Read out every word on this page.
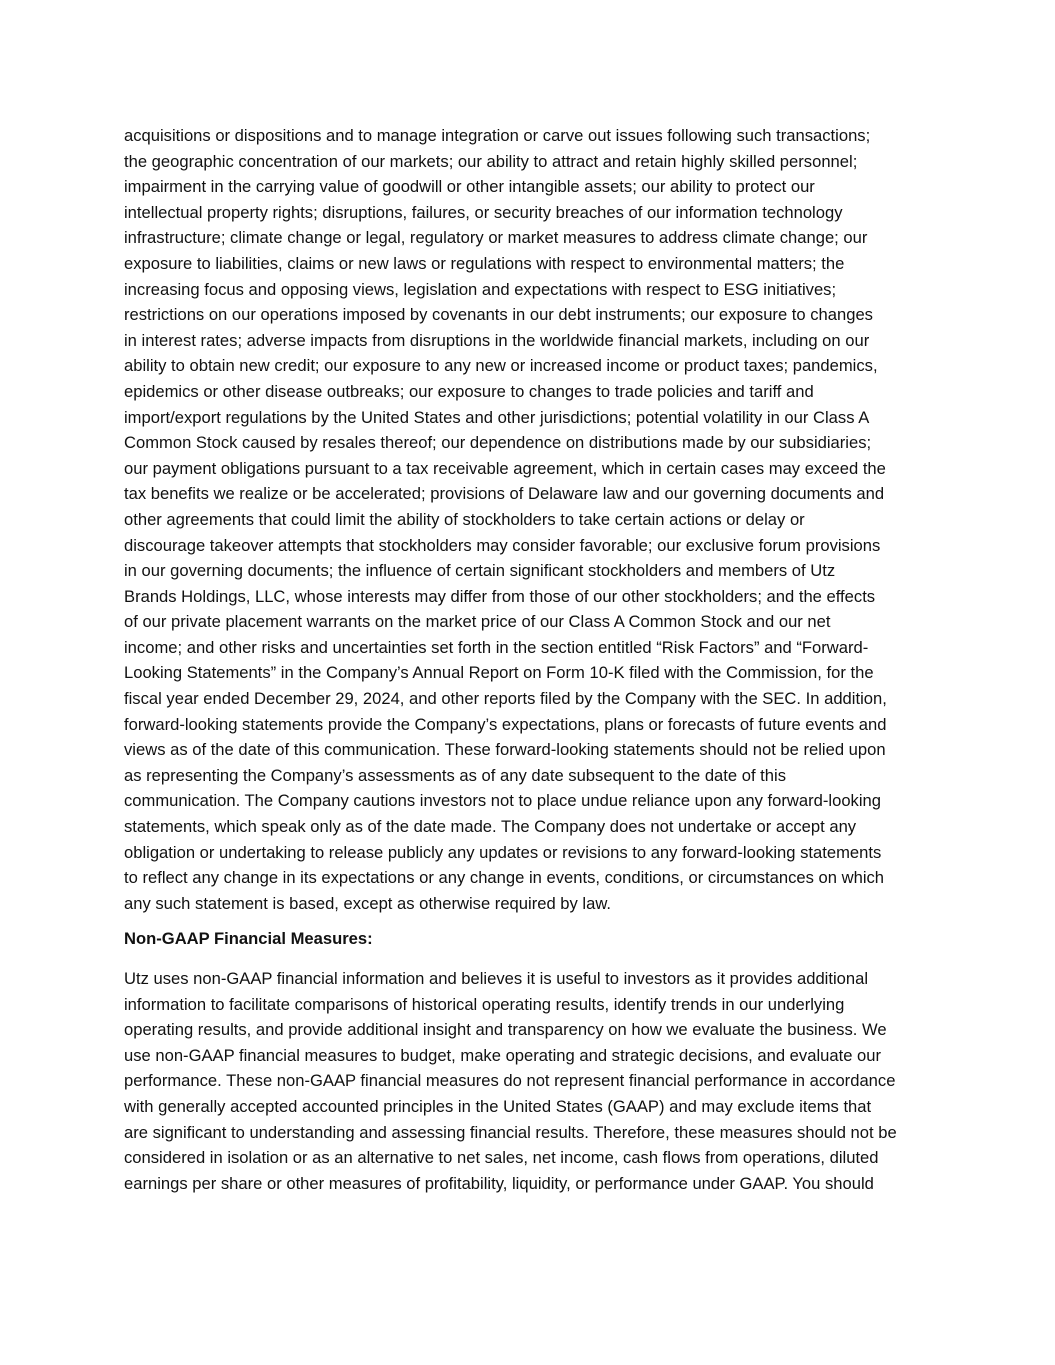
acquisitions or dispositions and to manage integration or carve out issues following such transactions;
the geographic concentration of our markets; our ability to attract and retain highly skilled personnel;
impairment in the carrying value of goodwill or other intangible assets; our ability to protect our
intellectual property rights; disruptions, failures, or security breaches of our information technology
infrastructure; climate change or legal, regulatory or market measures to address climate change; our
exposure to liabilities, claims or new laws or regulations with respect to environmental matters; the
increasing focus and opposing views, legislation and expectations with respect to ESG initiatives;
restrictions on our operations imposed by covenants in our debt instruments; our exposure to changes
in interest rates; adverse impacts from disruptions in the worldwide financial markets, including on our
ability to obtain new credit; our exposure to any new or increased income or product taxes; pandemics,
epidemics or other disease outbreaks; our exposure to changes to trade policies and tariff and
import/export regulations by the United States and other jurisdictions; potential volatility in our Class A
Common Stock caused by resales thereof; our dependence on distributions made by our subsidiaries;
our payment obligations pursuant to a tax receivable agreement, which in certain cases may exceed the
tax benefits we realize or be accelerated; provisions of Delaware law and our governing documents and
other agreements that could limit the ability of stockholders to take certain actions or delay or
discourage takeover attempts that stockholders may consider favorable; our exclusive forum provisions
in our governing documents; the influence of certain significant stockholders and members of Utz
Brands Holdings, LLC, whose interests may differ from those of our other stockholders; and the effects
of our private placement warrants on the market price of our Class A Common Stock and our net
income; and other risks and uncertainties set forth in the section entitled “Risk Factors” and “Forward-
Looking Statements” in the Company’s Annual Report on Form 10-K filed with the Commission, for the
fiscal year ended December 29, 2024, and other reports filed by the Company with the SEC. In addition,
forward-looking statements provide the Company’s expectations, plans or forecasts of future events and
views as of the date of this communication. These forward-looking statements should not be relied upon
as representing the Company’s assessments as of any date subsequent to the date of this
communication. The Company cautions investors not to place undue reliance upon any forward-looking
statements, which speak only as of the date made. The Company does not undertake or accept any
obligation or undertaking to release publicly any updates or revisions to any forward-looking statements
to reflect any change in its expectations or any change in events, conditions, or circumstances on which
any such statement is based, except as otherwise required by law.
Non-GAAP Financial Measures:
Utz uses non-GAAP financial information and believes it is useful to investors as it provides additional
information to facilitate comparisons of historical operating results, identify trends in our underlying
operating results, and provide additional insight and transparency on how we evaluate the business. We
use non-GAAP financial measures to budget, make operating and strategic decisions, and evaluate our
performance. These non-GAAP financial measures do not represent financial performance in accordance
with generally accepted accounted principles in the United States (GAAP) and may exclude items that
are significant to understanding and assessing financial results. Therefore, these measures should not be
considered in isolation or as an alternative to net sales, net income, cash flows from operations, diluted
earnings per share or other measures of profitability, liquidity, or performance under GAAP. You should
